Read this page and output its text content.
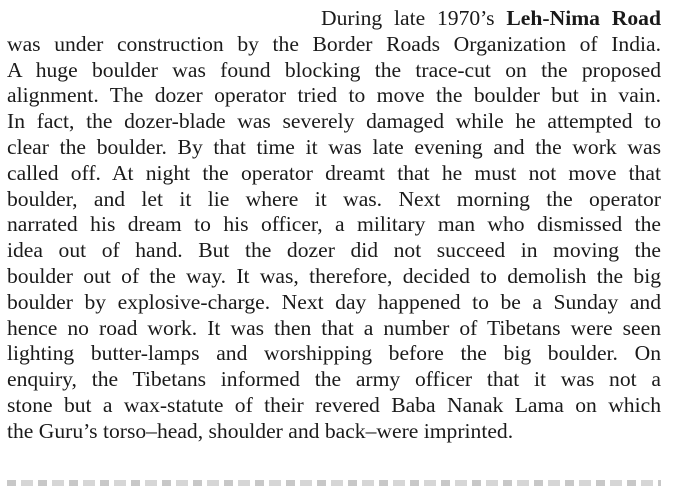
During late 1970’s Leh-Nima Road
was under construction by the Border Roads Organization of India.
A huge boulder was found blocking the trace-cut on the proposed
alignment. The dozer operator tried to move the boulder but in vain.
In fact, the dozer-blade was severely damaged while he attempted to
clear the boulder. By that time it was late evening and the work was
called off. At night the operator dreamt that he must not move that
boulder, and let it lie where it was. Next morning the operator
narrated his dream to his officer, a military man who dismissed the
idea out of hand. But the dozer did not succeed in moving the
boulder out of the way. It was, therefore, decided to demolish the big
boulder by explosive-charge. Next day happened to be a Sunday and
hence no road work. It was then that a number of Tibetans were seen
lighting butter-lamps and worshipping before the big boulder. On
enquiry, the Tibetans informed the army officer that it was not a
stone but a wax-statute of their revered Baba Nanak Lama on which
the Guru’s torso–head, shoulder and back–were imprinted.
